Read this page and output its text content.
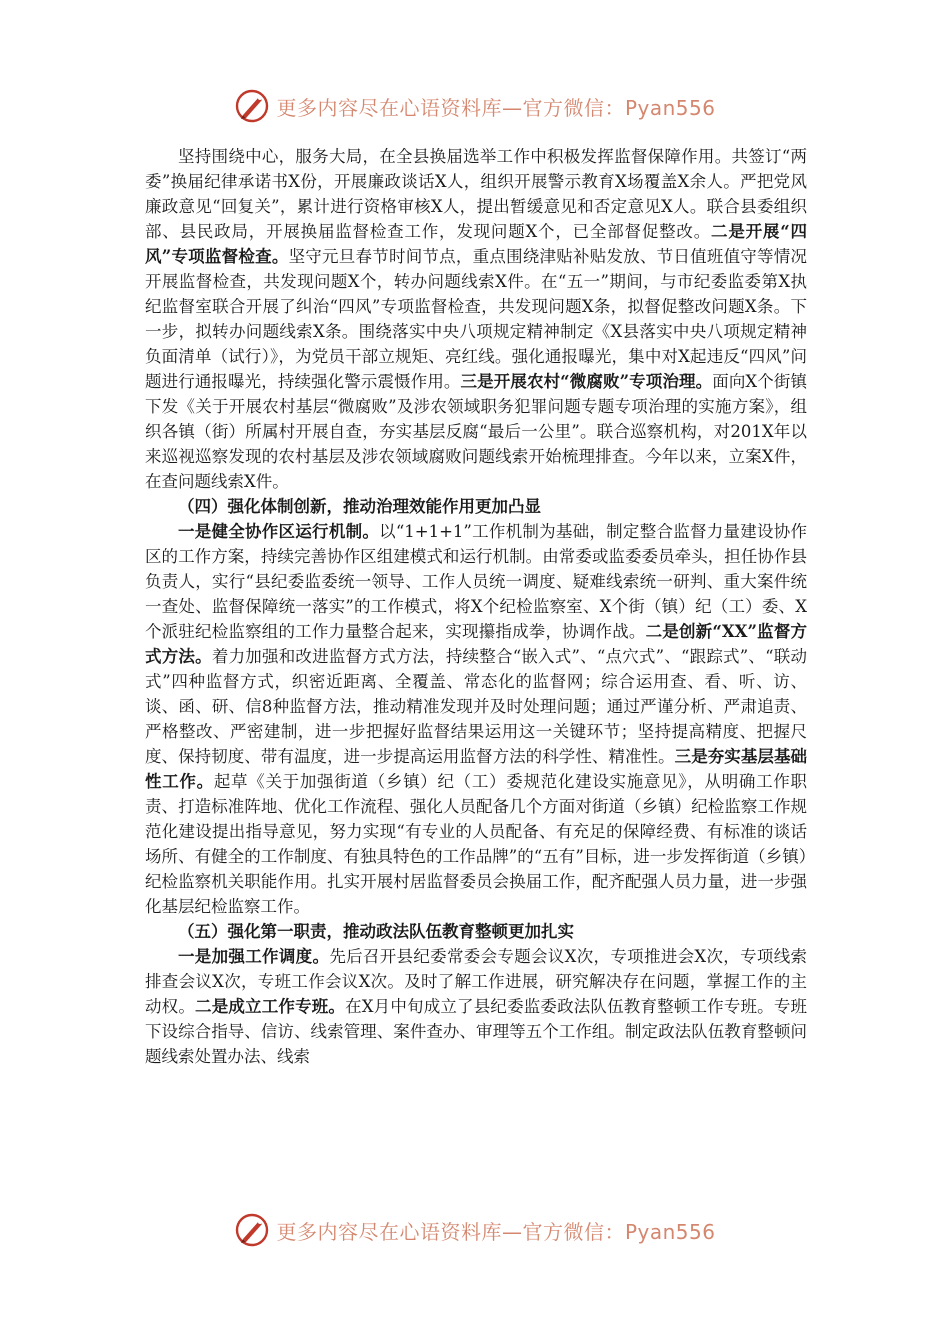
更多内容尽在心语资料库—官方微信：Pyan556

坚持围绕中心，服务大局，在全县换届选举工作中积极发挥监督保障作用。共签订“两委”换届纪律承诺书X份，开展廉政谈话X人，组织开展警示教育X场覆盖X余人。严把党风廉政意见“回复关”，累计进行资格审核X人，提出暂缓意见和否定意见X人。联合县委组织部、县民政局，开展换届监督检查工作，发现问题X个，已全部督促整改。二是开展“四风”专项监督检查。坚守元旦春节时间节点，重点围绕津贴补贴发放、节日值班值守等情况开展监督检查，共发现问题X个，转办问题线索X件。在“五一”期间，与市纪委监委第X执纪监督室联合开展了纠治“四风”专项监督检查，共发现问题X条，拟督促整改问题X条。下一步，拟转办问题线索X条。围绕落实中央八项规定精神制定《X县落实中央八项规定精神负面清单（试行）》，为党员干部立规矩、亮红线。强化通报曝光，集中对X起违反“四风”问题进行通报曝光，持续强化警示震慑作用。三是开展农村“微腐败”专项治理。面向X个街镇下发《关于开展农村基层“微腐败”及涉农领域职务犯罪问题专题专项治理的实施方案》，组织各镇（街）所属村开展自查，夯实基层反腐“最后一公里”。联合巡察机构，对201X年以来巡视巡察发现的农村基层及涉农领域腐败问题线索开始梳理排查。今年以来，立案X件，在查问题线索X件。

（四）强化体制创新，推动治理效能作用更加凸显

一是健全协作区运行机制。以“1+1+1”工作机制为基础，制定整合监督力量建设协作区的工作方案，持续完善协作区组建模式和运行机制。由常委或监委委员牵头，担任协作县负责人，实行“县纪委监委统一领导、工作人员统一调度、疑难线索统一研判、重大案件统一查处、监督保障统一落实”的工作模式，将X个纪检监察室、X个街（镇）纪（工）委、X个派驻纪检监察组的工作力量整合起来，实现攥指成拳，协调作战。二是创新“XX”监督方式方法。着力加强和改进监督方式方法，持续整合“嵌入式”、“点穴式”、“跟踪式”、“联动式”四种监督方式，织密近距离、全覆盖、常态化的监督网；综合运用查、看、听、访、谈、函、研、信8种监督方法，推动精准发现并及时处理问题；通过严谨分析、严肃追责、严格整改、严密建制，进一步把握好监督结果运用这一关键环节；坚持提高精度、把握尺度、保持韧度、带有温度，进一步提高运用监督方法的科学性、精准性。三是夯实基层基础性工作。起草《关于加强街道（乡镇）纪（工）委规范化建设实施意见》，从明确工作职责、打造标准阵地、优化工作流程、强化人员配备几个方面对街道（乡镇）纪检监察工作规范化建设提出指导意见，努力实现“有专业的人员配备、有充足的保障经费、有标准的谈话场所、有健全的工作制度、有独具特色的工作品牌”的“五有”目标，进一步发挥街道（乡镇）纪检监察机关职能作用。扎实开展村居监督委员会换届工作，配齐配强人员力量，进一步强化基层纪检监察工作。

（五）强化第一职责，推动政法队伍教育整顿更加扎实

一是加强工作调度。先后召开县纪委常委会专题会议X次，专项推进会X次，专项线索排查会议X次，专班工作会议X次。及时了解工作进展，研究解决存在问题，掌握工作的主动权。二是成立工作专班。在X月中旬成立了县纪委监委政法队伍教育整顿工作专班。专班下设综合指导、信访、线索管理、案件查办、审理等五个工作组。制定政法队伍教育整顿问题线索处置办法、线索

更多内容尽在心语资料库—官方微信：Pyan556
